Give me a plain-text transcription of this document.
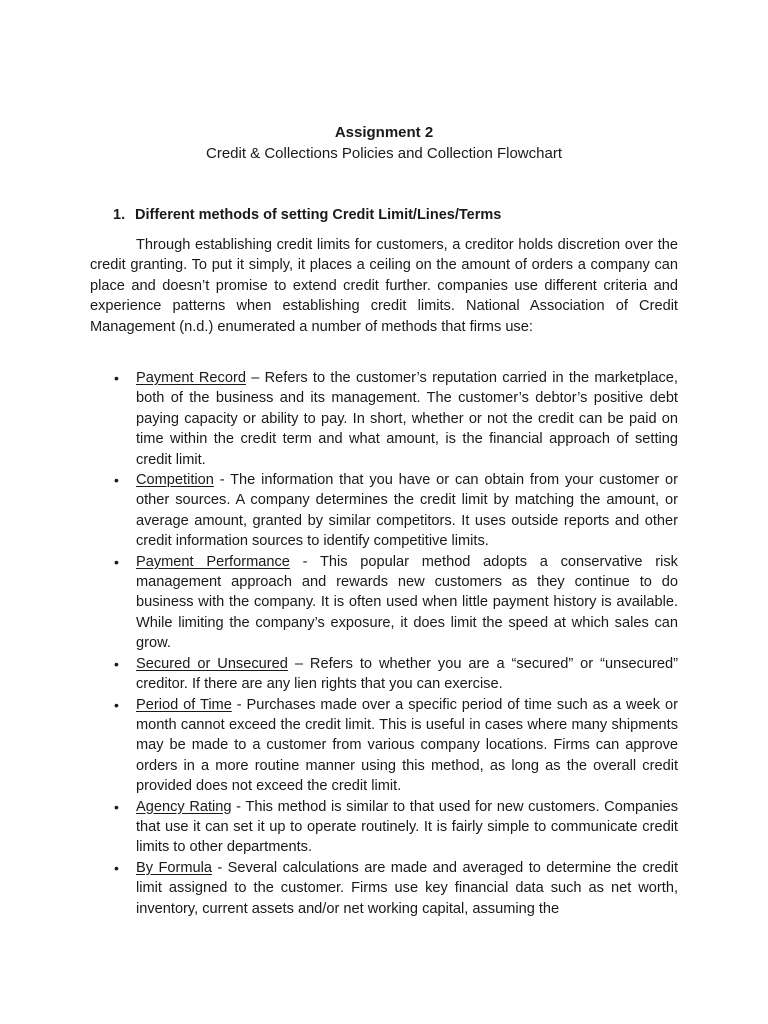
Assignment 2
Credit & Collections Policies and Collection Flowchart
1. Different methods of setting Credit Limit/Lines/Terms

Through establishing credit limits for customers, a creditor holds discretion over the credit granting. To put it simply, it places a ceiling on the amount of orders a company can place and doesn’t promise to extend credit further. companies use different criteria and experience patterns when establishing credit limits. National Association of Credit Management (n.d.) enumerated a number of methods that firms use:

• Payment Record – Refers to the customer’s reputation carried in the marketplace, both of the business and its management. The customer’s debtor’s positive debt paying capacity or ability to pay. In short, whether or not the credit can be paid on time within the credit term and what amount, is the financial approach of setting credit limit.
• Competition - The information that you have or can obtain from your customer or other sources. A company determines the credit limit by matching the amount, or average amount, granted by similar competitors. It uses outside reports and other credit information sources to identify competitive limits.
• Payment Performance - This popular method adopts a conservative risk management approach and rewards new customers as they continue to do business with the company. It is often used when little payment history is available. While limiting the company’s exposure, it does limit the speed at which sales can grow.
• Secured or Unsecured – Refers to whether you are a “secured” or “unsecured” creditor. If there are any lien rights that you can exercise.
• Period of Time - Purchases made over a specific period of time such as a week or month cannot exceed the credit limit. This is useful in cases where many shipments may be made to a customer from various company locations. Firms can approve orders in a more routine manner using this method, as long as the overall credit provided does not exceed the credit limit.
• Agency Rating - This method is similar to that used for new customers. Companies that use it can set it up to operate routinely. It is fairly simple to communicate credit limits to other departments.
• By Formula - Several calculations are made and averaged to determine the credit limit assigned to the customer. Firms use key financial data such as net worth, inventory, current assets and/or net working capital, assuming the
